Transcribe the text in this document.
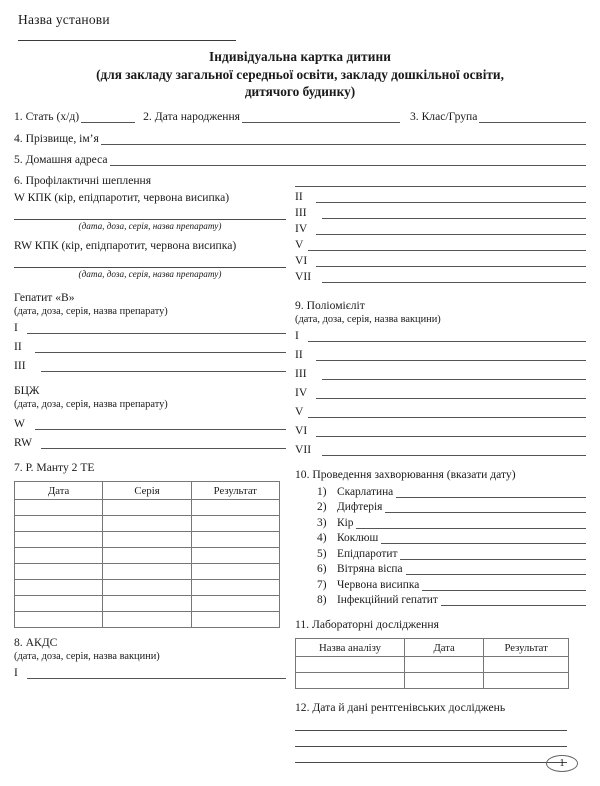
Назва установи
Індивідуальна картка дитини
(для закладу загальної середньої освіти, закладу дошкільної освіти,
дитячого будинку)
1. Стать (х/д)	2. Дата народження	3. Клас/Група
4. Прізвище, ім’я
5. Домашня адреса
6. Профілактичні шеплення
W КПК (кір, епідпаротит, червона висипка)
(дата, доза, серія, назва препарату)
RW КПК (кір, епідпаротит, червона висипка)
(дата, доза, серія, назва препарату)
Гепатит «В»
(дата, доза, серія, назва препарату)
I
II
III
БЦЖ
(дата, доза, серія, назва препарату)
W
RW
7. Р. Манту 2 ТЕ
Дата	Серія	Результат

8. АКДС
(дата, доза, серія, назва вакцини)
I
II
III
IV
V
VI
VII
9. Поліомієліт
(дата, доза, серія, назва вакцини)
I
II
III
IV
V
VI
VII
10. Проведення захворювання (вказати дату)
1) Скарлатина
2) Дифтерія
3) Кір
4) Коклюш
5) Епідпаротит
6) Вітряна віспа
7) Червона висипка
8) Інфекційний гепатит
11. Лабораторні дослідження
Назва аналізу	Дата	Результат

12. Дата й дані рентгенівських досліджень
1
